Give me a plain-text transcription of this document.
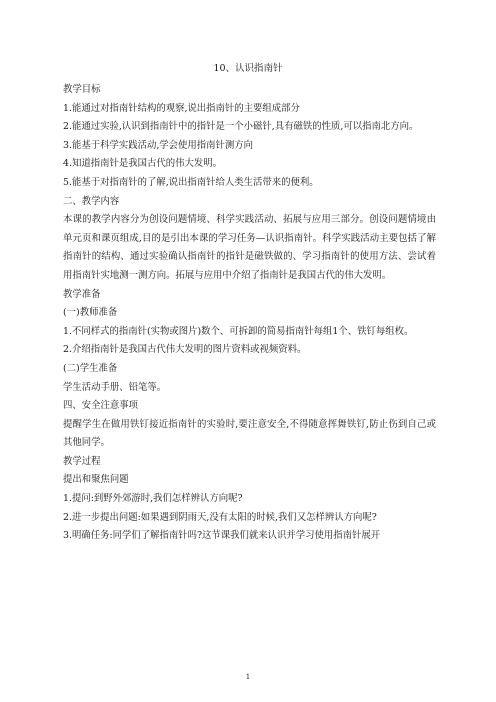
10、认识指南针

教学目标

1.能通过对指南针结构的观察,说出指南针的主要组成部分

2.能通过实验,认识到指南针中的指针是一个小磁针,具有磁铁的性质,可以指南北方向。

3.能基于科学实践活动,学会使用指南针测方向

4.知道指南针是我国古代的伟大发明。

5.能基于对指南针的了解,说出指南针给人类生活带来的便利。

二、教学内容

本课的教学内容分为创设问题情境、科学实践活动、拓展与应用三部分。创设问题情境由单元页和课页组成,目的是引出本课的学习任务—认识指南针。科学实践活动主要包括了解指南针的结构、通过实验确认指南针的指针是磁铁做的、学习指南针的使用方法、尝试着用指南针实地测一测方向。拓展与应用中介绍了指南针是我国古代的伟大发明。

教学准备

(一)教师准备

1.不同样式的指南针(实物或图片)数个、可拆卸的简易指南针每组1个、铁钉每组枚。

2.介绍指南针是我国古代伟大发明的图片资料或视频资料。

(二)学生准备

学生活动手册、铅笔等。

四、安全注意事项

提醒学生在做用铁钉接近指南针的实验时,要注意安全,不得随意挥舞铁钉,防止伤到自己或其他同学。

教学过程

提出和聚焦问题

1.提问:到野外郊游时,我们怎样辨认方向呢?

2.进一步提出问题:如果遇到阴雨天,没有太阳的时候,我们又怎样辨认方向呢?

3.明确任务:同学们了解指南针吗?这节课我们就来认识并学习使用指南针展开

1
